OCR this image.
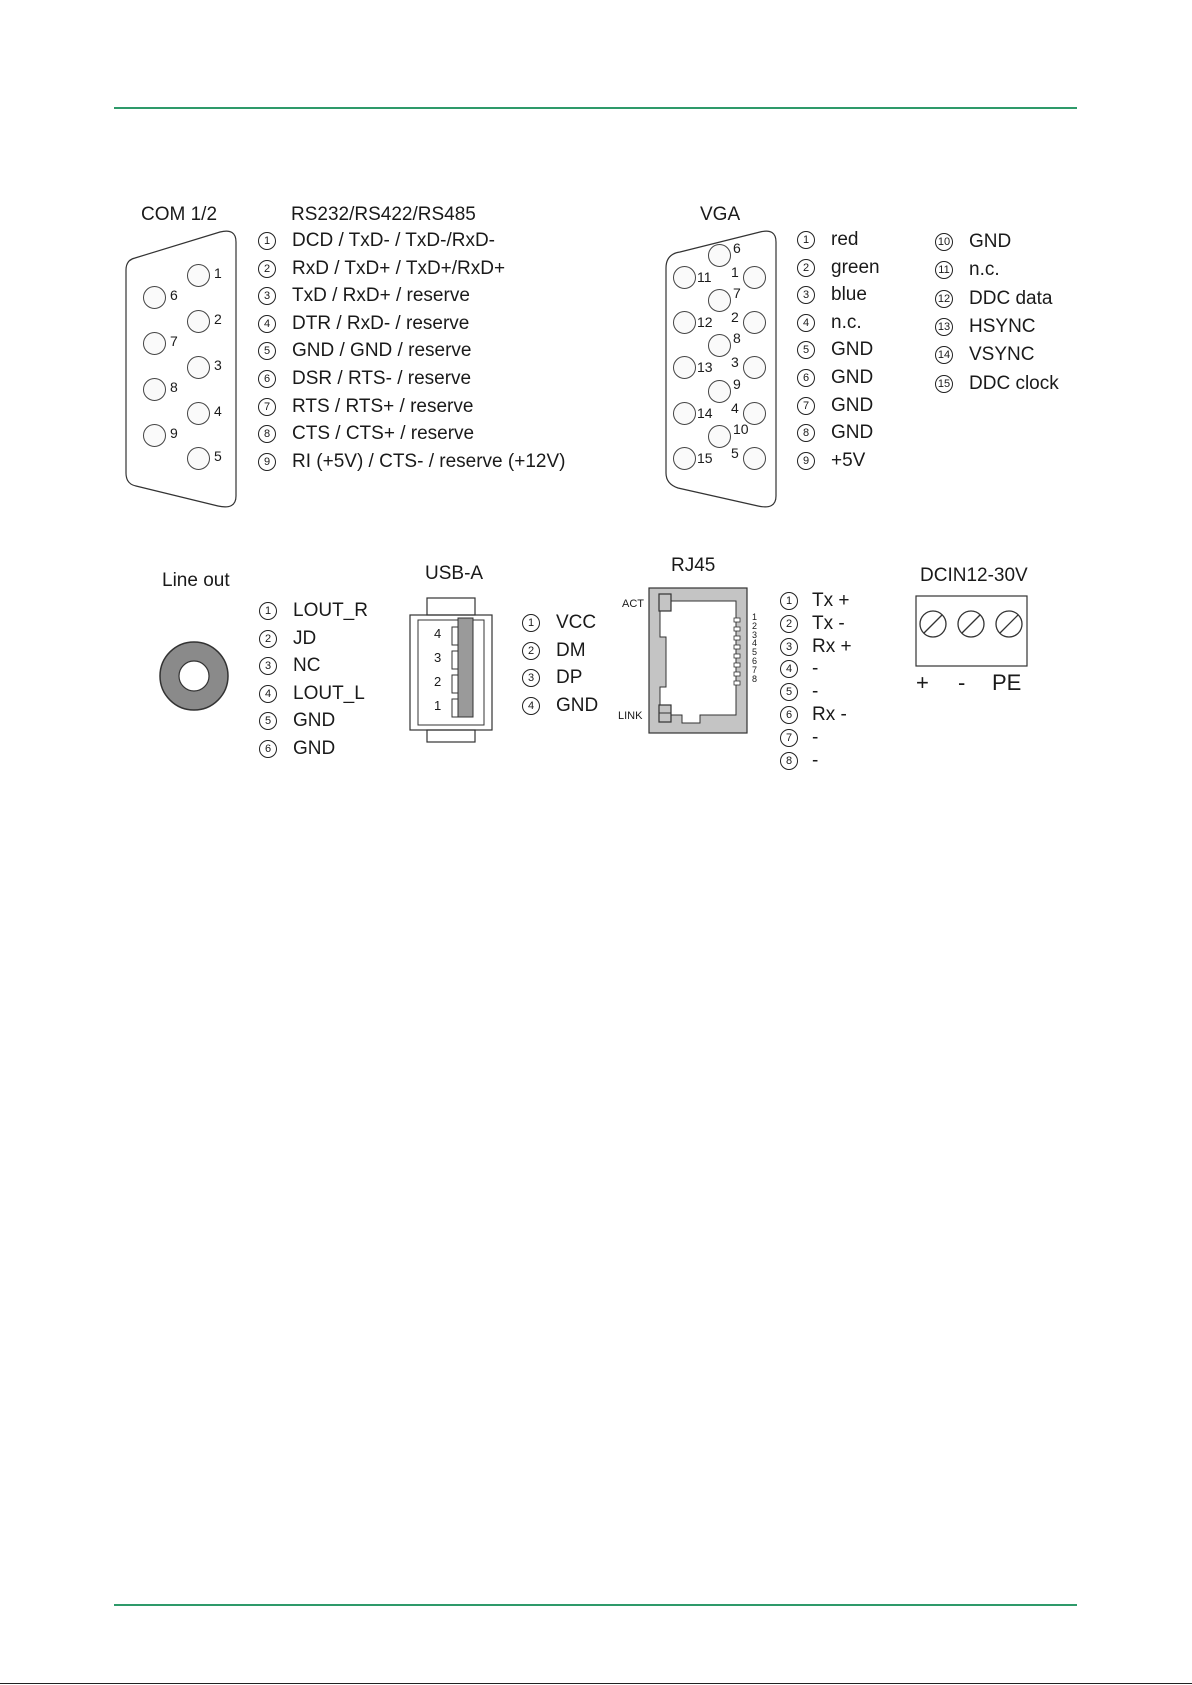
COM 1/2	RS232/RS422/RS485
1
2
3
4
5
6
7
8
9
1	DCD / TxD- / TxD-/RxD-
2	RxD / TxD+ / TxD+/RxD+
3	TxD / RxD+ / reserve
4	DTR / RxD- / reserve
5	GND / GND / reserve
6	DSR / RTS- / reserve
7	RTS / RTS+ / reserve
8	CTS / CTS+ / reserve
9	RI (+5V) / CTS- / reserve (+12V)
VGA
1
2
3
4
5
6
7
8
9
10
11
12
13
14
15
1	red
2	green
3	blue
4	n.c.
5	GND
6	GND
7	GND
8	GND
9	+5V
10 GND
11 n.c.
12 DDC data
13 HSYNC
14 VSYNC
15 DDC clock
Line out
1	LOUT_R
2	JD
3	NC
4	LOUT_L
5	GND
6	GND
USB-A
4
3
2
1
1	VCC
2	DM
3	DP
4	GND
RJ45
ACT
LINK
1
2
3
4
5
6
7
8
1	Tx +
2	Tx -
3	Rx +
4	-
5	-
6	Rx -
7	-
8	-
DCIN12-30V
+ - PE
